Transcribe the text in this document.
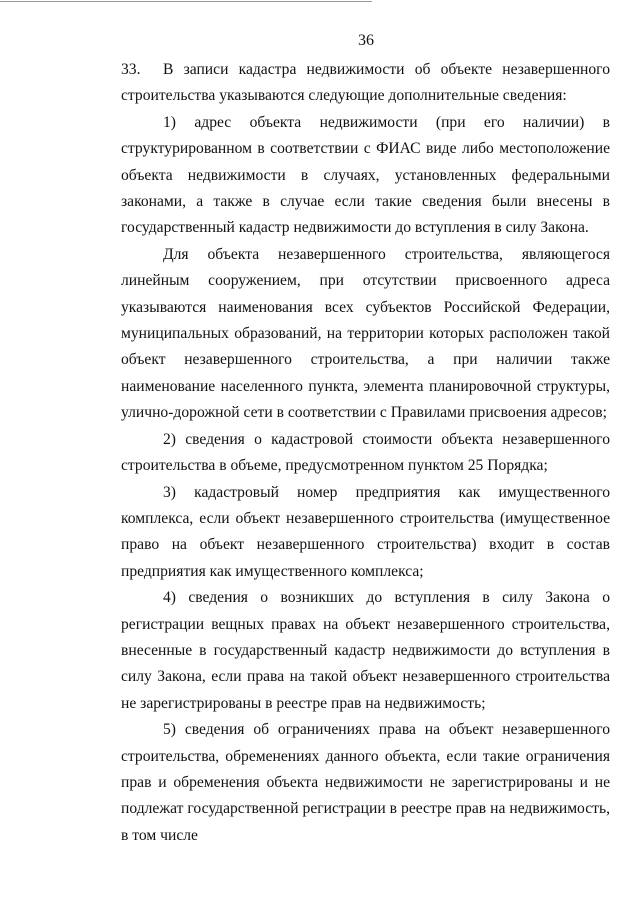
36

33. В записи кадастра недвижимости об объекте незавершенного строительства указываются следующие дополнительные сведения:

1) адрес объекта недвижимости (при его наличии) в структурированном в соответствии с ФИАС виде либо местоположение объекта недвижимости в случаях, установленных федеральными законами, а также в случае если такие сведения были внесены в государственный кадастр недвижимости до вступления в силу Закона.

Для объекта незавершенного строительства, являющегося линейным сооружением, при отсутствии присвоенного адреса указываются наименования всех субъектов Российской Федерации, муниципальных образований, на территории которых расположен такой объект незавершенного строительства, а при наличии также наименование населенного пункта, элемента планировочной структуры, улично-дорожной сети в соответствии с Правилами присвоения адресов;

2) сведения о кадастровой стоимости объекта незавершенного строительства в объеме, предусмотренном пунктом 25 Порядка;

3) кадастровый номер предприятия как имущественного комплекса, если объект незавершенного строительства (имущественное право на объект незавершенного строительства) входит в состав предприятия как имущественного комплекса;

4) сведения о возникших до вступления в силу Закона о регистрации вещных правах на объект незавершенного строительства, внесенные в государственный кадастр недвижимости до вступления в силу Закона, если права на такой объект незавершенного строительства не зарегистрированы в реестре прав на недвижимость;

5) сведения об ограничениях права на объект незавершенного строительства, обременениях данного объекта, если такие ограничения прав и обременения объекта недвижимости не зарегистрированы и не подлежат государственной регистрации в реестре прав на недвижимость, в том числе
